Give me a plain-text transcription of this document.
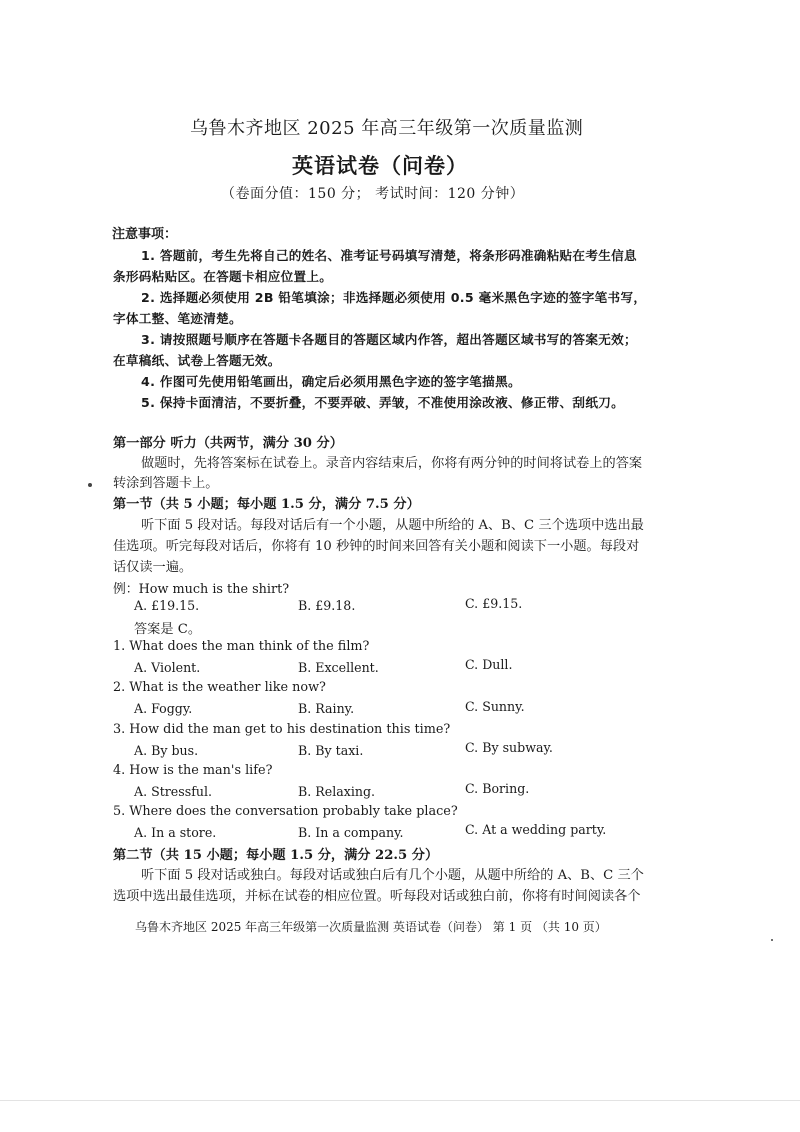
乌鲁木齐地区 2025 年高三年级第一次质量监测
英语试卷（问卷）
（卷面分值：150 分； 考试时间：120 分钟）
注意事项：
1. 答题前，考生先将自己的姓名、准考证号码填写清楚，将条形码准确粘贴在考生信息
条形码粘贴区。在答题卡相应位置上。
2. 选择题必须使用 2B 铅笔填涂；非选择题必须使用 0.5 毫米黑色字迹的签字笔书写，
字体工整、笔迹清楚。
3. 请按照题号顺序在答题卡各题目的答题区域内作答，超出答题区域书写的答案无效；
在草稿纸、试卷上答题无效。
4. 作图可先使用铅笔画出，确定后必须用黑色字迹的签字笔描黑。
5. 保持卡面清洁，不要折叠，不要弄破、弄皱，不准使用涂改液、修正带、刮纸刀。
第一部分 听力（共两节，满分 30 分）
做题时，先将答案标在试卷上。录音内容结束后，你将有两分钟的时间将试卷上的答案
转涂到答题卡上。
第一节（共 5 小题；每小题 1.5 分，满分 7.5 分）
听下面 5 段对话。每段对话后有一个小题，从题中所给的 A、B、C 三个选项中选出最
佳选项。听完每段对话后，你将有 10 秒钟的时间来回答有关小题和阅读下一小题。每段对
话仅读一遍。
例：How much is the shirt?
A. £19.15.	B. £9.18.	C. £9.15.
答案是 C。
1. What does the man think of the film?
A. Violent.	B. Excellent.	C. Dull.
2. What is the weather like now?
A. Foggy.	B. Rainy.	C. Sunny.
3. How did the man get to his destination this time?
A. By bus.	B. By taxi.	C. By subway.
4. How is the man's life?
A. Stressful.	B. Relaxing.	C. Boring.
5. Where does the conversation probably take place?
A. In a store.	B. In a company.	C. At a wedding party.
第二节（共 15 小题；每小题 1.5 分，满分 22.5 分）
听下面 5 段对话或独白。每段对话或独白后有几个小题，从题中所给的 A、B、C 三个
选项中选出最佳选项，并标在试卷的相应位置。听每段对话或独白前，你将有时间阅读各个
乌鲁木齐地区 2025 年高三年级第一次质量监测 英语试卷（问卷） 第 1 页 （共 10 页）
